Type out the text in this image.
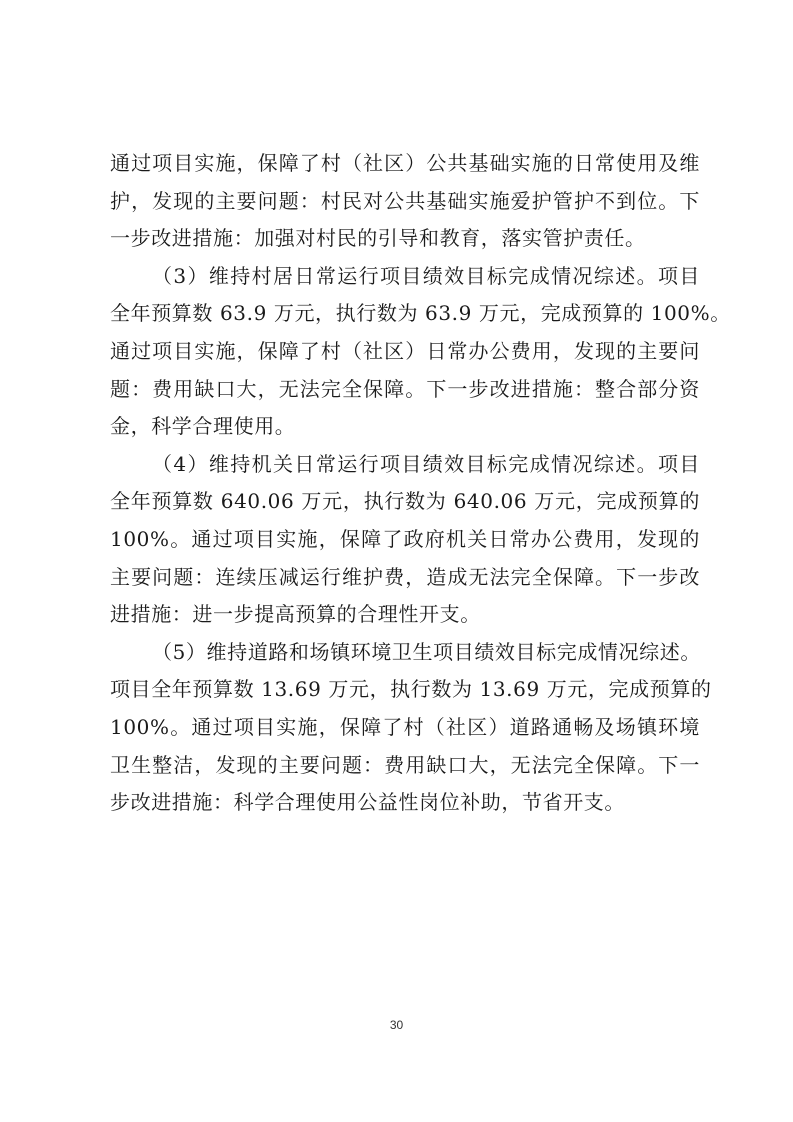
通过项目实施，保障了村（社区）公共基础实施的日常使用及维
护，发现的主要问题：村民对公共基础实施爱护管护不到位。下
一步改进措施：加强对村民的引导和教育，落实管护责任。
（3）维持村居日常运行项目绩效目标完成情况综述。项目
全年预算数 63.9 万元，执行数为 63.9 万元，完成预算的 100%。
通过项目实施，保障了村（社区）日常办公费用，发现的主要问
题：费用缺口大，无法完全保障。下一步改进措施：整合部分资
金，科学合理使用。
（4）维持机关日常运行项目绩效目标完成情况综述。项目
全年预算数 640.06 万元，执行数为 640.06 万元，完成预算的
100%。通过项目实施，保障了政府机关日常办公费用，发现的
主要问题：连续压减运行维护费，造成无法完全保障。下一步改
进措施：进一步提高预算的合理性开支。
（5）维持道路和场镇环境卫生项目绩效目标完成情况综述。
项目全年预算数 13.69 万元，执行数为 13.69 万元，完成预算的
100%。通过项目实施，保障了村（社区）道路通畅及场镇环境
卫生整洁，发现的主要问题：费用缺口大，无法完全保障。下一
步改进措施：科学合理使用公益性岗位补助，节省开支。
30
